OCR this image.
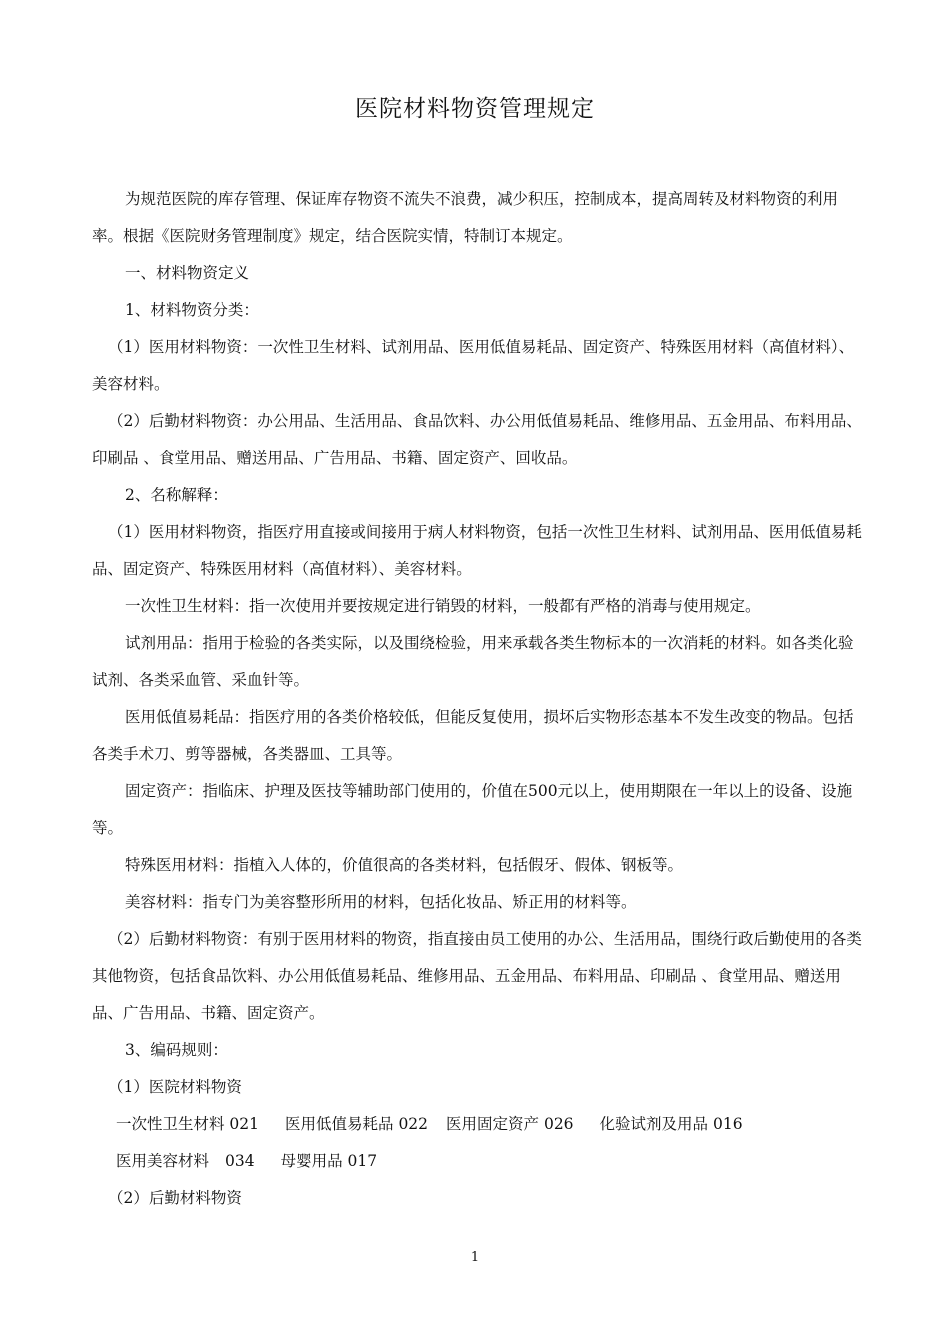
医院材料物资管理规定

为规范医院的库存管理、保证库存物资不流失不浪费，减少积压，控制成本，提高周转及材料物资的利用率。根据《医院财务管理制度》规定，结合医院实情，特制订本规定。

一、材料物资定义

1、材料物资分类：

（1）医用材料物资：一次性卫生材料、试剂用品、医用低值易耗品、固定资产、特殊医用材料（高值材料）、美容材料。

（2）后勤材料物资：办公用品、生活用品、食品饮料、办公用低值易耗品、维修用品、五金用品、布料用品、印刷品 、食堂用品、赠送用品、广告用品、书籍、固定资产、回收品。

2、名称解释：

（1）医用材料物资，指医疗用直接或间接用于病人材料物资，包括一次性卫生材料、试剂用品、医用低值易耗品、固定资产、特殊医用材料（高值材料）、美容材料。

一次性卫生材料：指一次使用并要按规定进行销毁的材料，一般都有严格的消毒与使用规定。

试剂用品：指用于检验的各类实际，以及围绕检验，用来承载各类生物标本的一次消耗的材料。如各类化验试剂、各类采血管、采血针等。

医用低值易耗品：指医疗用的各类价格较低，但能反复使用，损坏后实物形态基本不发生改变的物品。包括各类手术刀、剪等器械，各类器皿、工具等。

固定资产：指临床、护理及医技等辅助部门使用的，价值在500元以上，使用期限在一年以上的设备、设施等。

特殊医用材料：指植入人体的，价值很高的各类材料，包括假牙、假体、钢板等。

美容材料：指专门为美容整形所用的材料，包括化妆品、矫正用的材料等。

（2）后勤材料物资：有别于医用材料的物资，指直接由员工使用的办公、生活用品，围绕行政后勤使用的各类其他物资，包括食品饮料、办公用低值易耗品、维修用品、五金用品、布料用品、印刷品 、食堂用品、赠送用品、广告用品、书籍、固定资产。

3、编码规则：

（1）医院材料物资

一次性卫生材料 021 医用低值易耗品 022 医用固定资产 026 化验试剂及用品 016

医用美容材料 034 母婴用品 017

（2）后勤材料物资

1
